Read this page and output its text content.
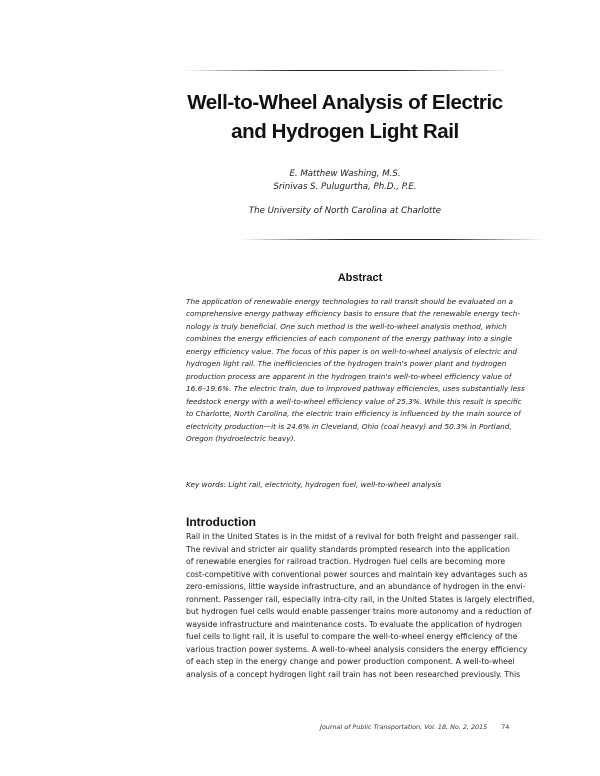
Well-to-Wheel Analysis of Electric
and Hydrogen Light Rail
E. Matthew Washing, M.S.
Srinivas S. Pulugurtha, Ph.D., P.E.
The University of North Carolina at Charlotte
Abstract
The application of renewable energy technologies to rail transit should be evaluated on a
comprehensive energy pathway efficiency basis to ensure that the renewable energy tech-
nology is truly beneficial. One such method is the well-to-wheel analysis method, which
combines the energy efficiencies of each component of the energy pathway into a single
energy efficiency value. The focus of this paper is on well-to-wheel analysis of electric and
hydrogen light rail. The inefficiencies of the hydrogen train's power plant and hydrogen
production process are apparent in the hydrogen train's well-to-wheel efficiency value of
16.6–19.6%. The electric train, due to improved pathway efficiencies, uses substantially less
feedstock energy with a well-to-wheel efficiency value of 25.3%. While this result is specific
to Charlotte, North Carolina, the electric train efficiency is influenced by the main source of
electricity production—it is 24.6% in Cleveland, Ohio (coal heavy) and 50.3% in Portland,
Oregon (hydroelectric heavy).
Key words: Light rail, electricity, hydrogen fuel, well-to-wheel analysis
Introduction
Rail in the United States is in the midst of a revival for both freight and passenger rail.
The revival and stricter air quality standards prompted research into the application
of renewable energies for railroad traction. Hydrogen fuel cells are becoming more
cost-competitive with conventional power sources and maintain key advantages such as
zero-emissions, little wayside infrastructure, and an abundance of hydrogen in the envi-
ronment. Passenger rail, especially intra-city rail, in the United States is largely electrified,
but hydrogen fuel cells would enable passenger trains more autonomy and a reduction of
wayside infrastructure and maintenance costs. To evaluate the application of hydrogen
fuel cells to light rail, it is useful to compare the well-to-wheel energy efficiency of the
various traction power systems. A well-to-wheel analysis considers the energy efficiency
of each step in the energy change and power production component. A well-to-wheel
analysis of a concept hydrogen light rail train has not been researched previously. This
Journal of Public Transportation, Vol. 18, No. 2, 2015 74
